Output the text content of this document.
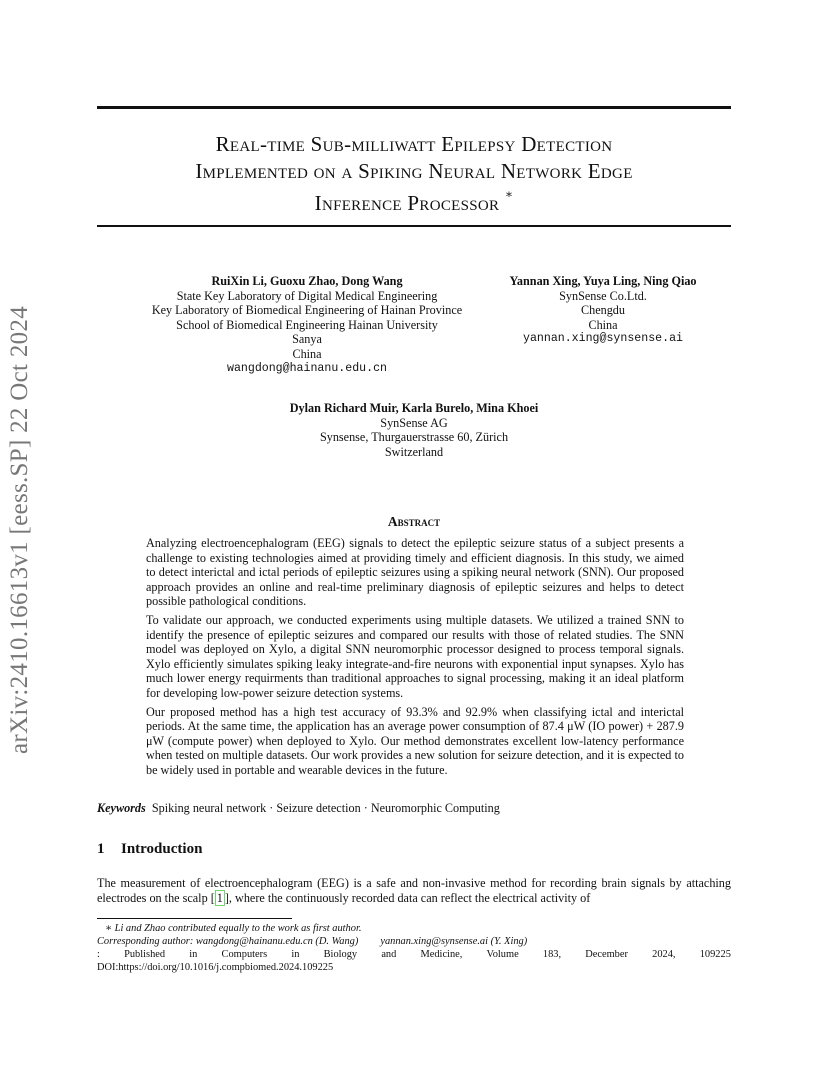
arXiv:2410.16613v1 [eess.SP] 22 Oct 2024
Real-time Sub-milliwatt Epilepsy Detection
Implemented on a Spiking Neural Network Edge
Inference Processor ∗
RuiXin Li, Guoxu Zhao, Dong Wang
State Key Laboratory of Digital Medical Engineering
Key Laboratory of Biomedical Engineering of Hainan Province
School of Biomedical Engineering Hainan University
Sanya
China
wangdong@hainanu.edu.cn
Yannan Xing, Yuya Ling, Ning Qiao
SynSense Co.Ltd.
Chengdu
China
yannan.xing@synsense.ai
Dylan Richard Muir, Karla Burelo, Mina Khoei
SynSense AG
Synsense, Thurgauerstrasse 60, Zürich
Switzerland
Abstract

Analyzing electroencephalogram (EEG) signals to detect the epileptic seizure status of a subject presents a challenge to existing technologies aimed at providing timely and efficient diagnosis. In this study, we aimed to detect interictal and ictal periods of epileptic seizures using a spiking neural network (SNN). Our proposed approach provides an online and real-time preliminary diagnosis of epileptic seizures and helps to detect possible pathological conditions.

To validate our approach, we conducted experiments using multiple datasets. We utilized a trained SNN to identify the presence of epileptic seizures and compared our results with those of related studies. The SNN model was deployed on Xylo, a digital SNN neuromorphic processor designed to process temporal signals. Xylo efficiently simulates spiking leaky integrate-and-fire neurons with exponential input synapses. Xylo has much lower energy requirments than traditional approaches to signal processing, making it an ideal platform for developing low-power seizure detection systems.

Our proposed method has a high test accuracy of 93.3% and 92.9% when classifying ictal and interictal periods. At the same time, the application has an average power consumption of 87.4 μW (IO power) + 287.9 μW (compute power) when deployed to Xylo. Our method demonstrates excellent low-latency performance when tested on multiple datasets. Our work provides a new solution for seizure detection, and it is expected to be widely used in portable and wearable devices in the future.

Keywords Spiking neural network · Seizure detection · Neuromorphic Computing
1 Introduction

The measurement of electroencephalogram (EEG) is a safe and non-invasive method for recording brain signals by attaching electrodes on the scalp [ 1 ], where the continuously recorded data can reflect the electrical activity of

∗ Li and Zhao contributed equally to the work as first author.
Corresponding author: wangdong@hainanu.edu.cn (D. Wang) yannan.xing@synsense.ai (Y. Xing)
: Published in Computers in Biology and Medicine, Volume 183, December 2024, 109225
DOI:https://doi.org/10.1016/j.compbiomed.2024.109225
